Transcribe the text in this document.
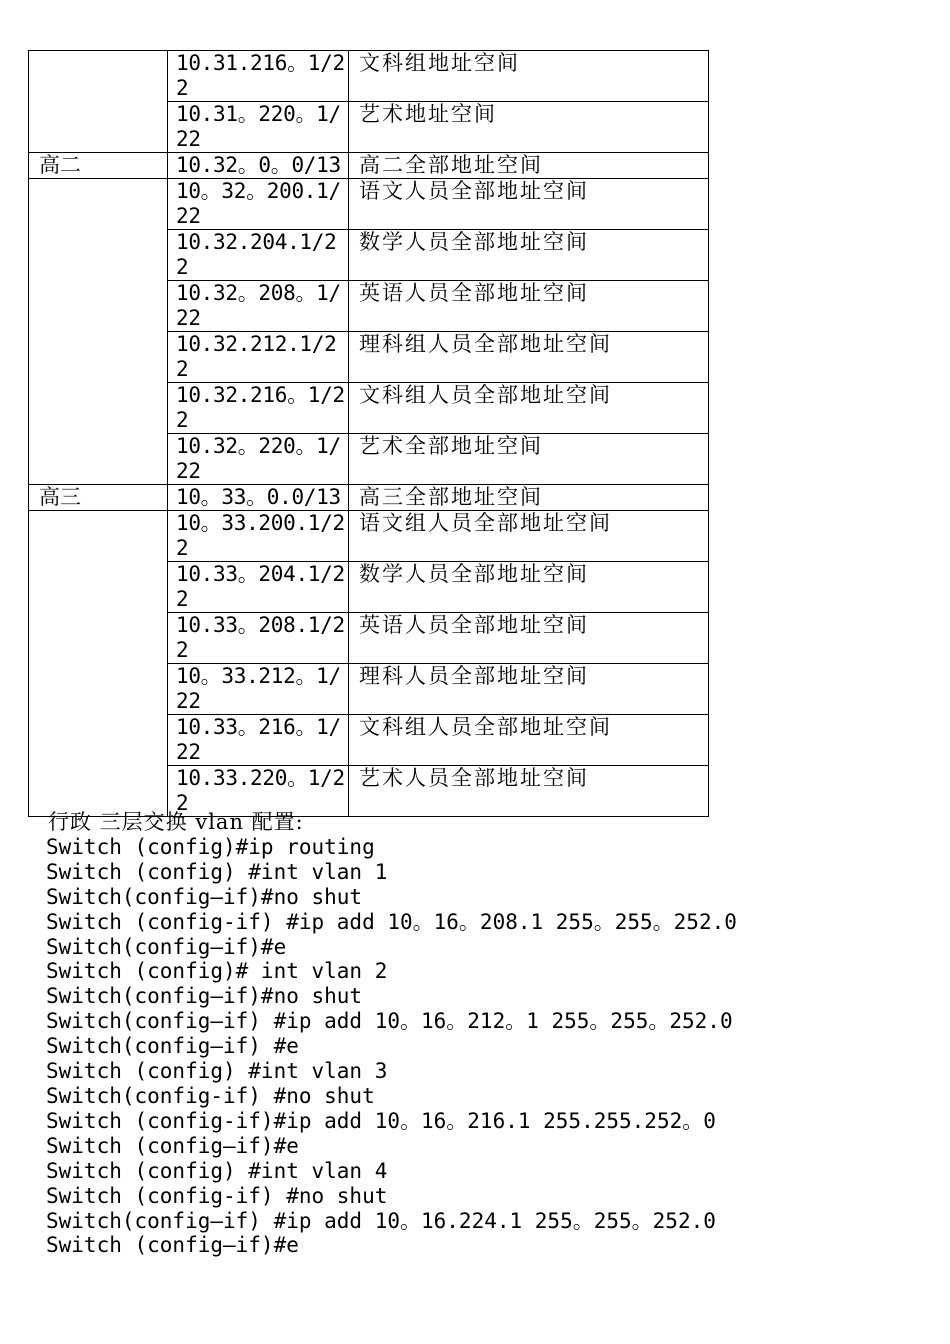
	10.31.216。1/22	文科组地址空间
	10.31。220。1/22	艺术地址空间
高二	10.32。0。0/13	高二全部地址空间
	10。32。200.1/22	语文人员全部地址空间
	10.32.204.1/22	数学人员全部地址空间
	10.32。208。1/22	英语人员全部地址空间
	10.32.212.1/22	理科组人员全部地址空间
	10.32.216。1/22	文科组人员全部地址空间
	10.32。220。1/22	艺术全部地址空间
高三	10。33。0.0/13	高三全部地址空间
	10。33.200.1/22	语文组人员全部地址空间
	10.33。204.1/22	数学人员全部地址空间
	10.33。208.1/22	英语人员全部地址空间
	10。33.212。1/22	理科人员全部地址空间
	10.33。216。1/22	文科组人员全部地址空间
	10.33.220。1/22	艺术人员全部地址空间
行政 三层交换 vlan 配置:
Switch (config)#ip routing
Switch (config) #int vlan 1
Switch(config—if)#no shut
Switch (config-if) #ip add 10。16。208.1 255。255。252.0
Switch(config—if)#e
Switch (config)# int vlan 2
Switch(config—if)#no shut
Switch(config—if) #ip add 10。16。212。1 255。255。252.0
Switch(config—if) #e
Switch (config) #int vlan 3
Switch(config-if) #no shut
Switch (config-if)#ip add 10。16。216.1 255.255.252。0
Switch (config—if)#e
Switch (config) #int vlan 4
Switch (config-if) #no shut
Switch(config—if) #ip add 10。16.224.1 255。255。252.0
Switch (config—if)#e
